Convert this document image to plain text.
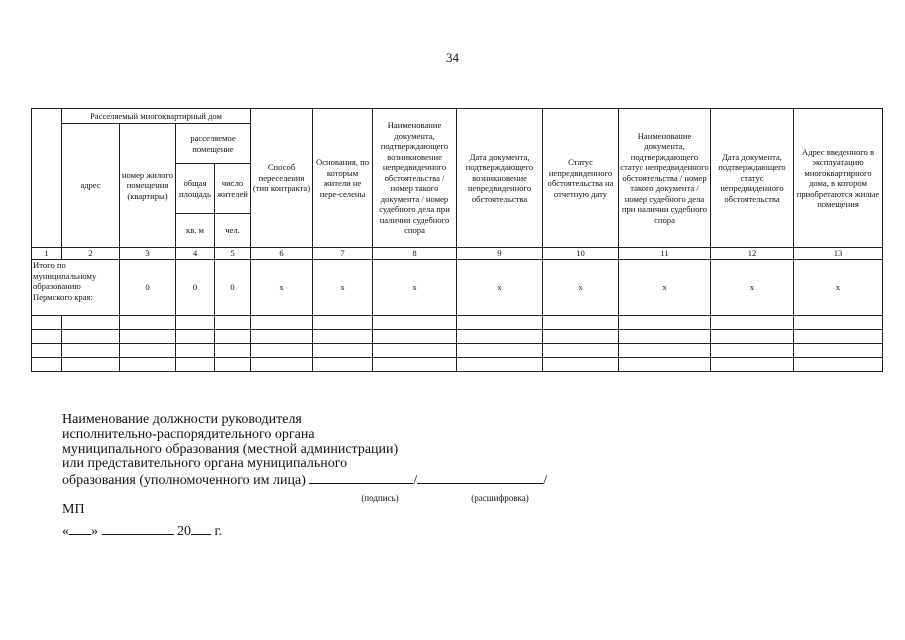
34
	Расселяемый многоквартирный дом				Способ переселения (тип контракта)	Основания, по которым жители не пере-селены	Наименование документа, подтверждающего возникновение непредвиденного обстоятельства / номер такого документа / номер судебного дела при наличии судебного спора	Дата документа, подтверждающего возникновение непредвиденного обстоятельства	Статус непредвиденного обстоятельства на отчетную дату	Наименование документа, подтверждающего статус непредвиденного обстоятельства / номер такого документа / номер судебного дела при наличии судебного спора	Дата документа, подтверждающего статус непредвиденного обстоятельства	Адрес введенного в эксплуатацию многоквартирного дома, в котором приобретаются жилые помещения
	адрес	номер жилого помещения (квартиры)	расселяемое помещение									
			общая площадь	число жителей								
			кв. м	чел.								
1	2	3	4	5	6	7	8	9	10	11	12	13
Итого по муниципальному образованию Пермского края:		0	0	0	x	x	x	x	x	x	x	x

Наименование должности руководителя
исполнительно-распорядительного органа
муниципального образования (местной администрации)
или представительного органа муниципального
образования (уполномоченного им лица)	/	/
(подпись)	(расшифровка)
МП
« »	20 г.
